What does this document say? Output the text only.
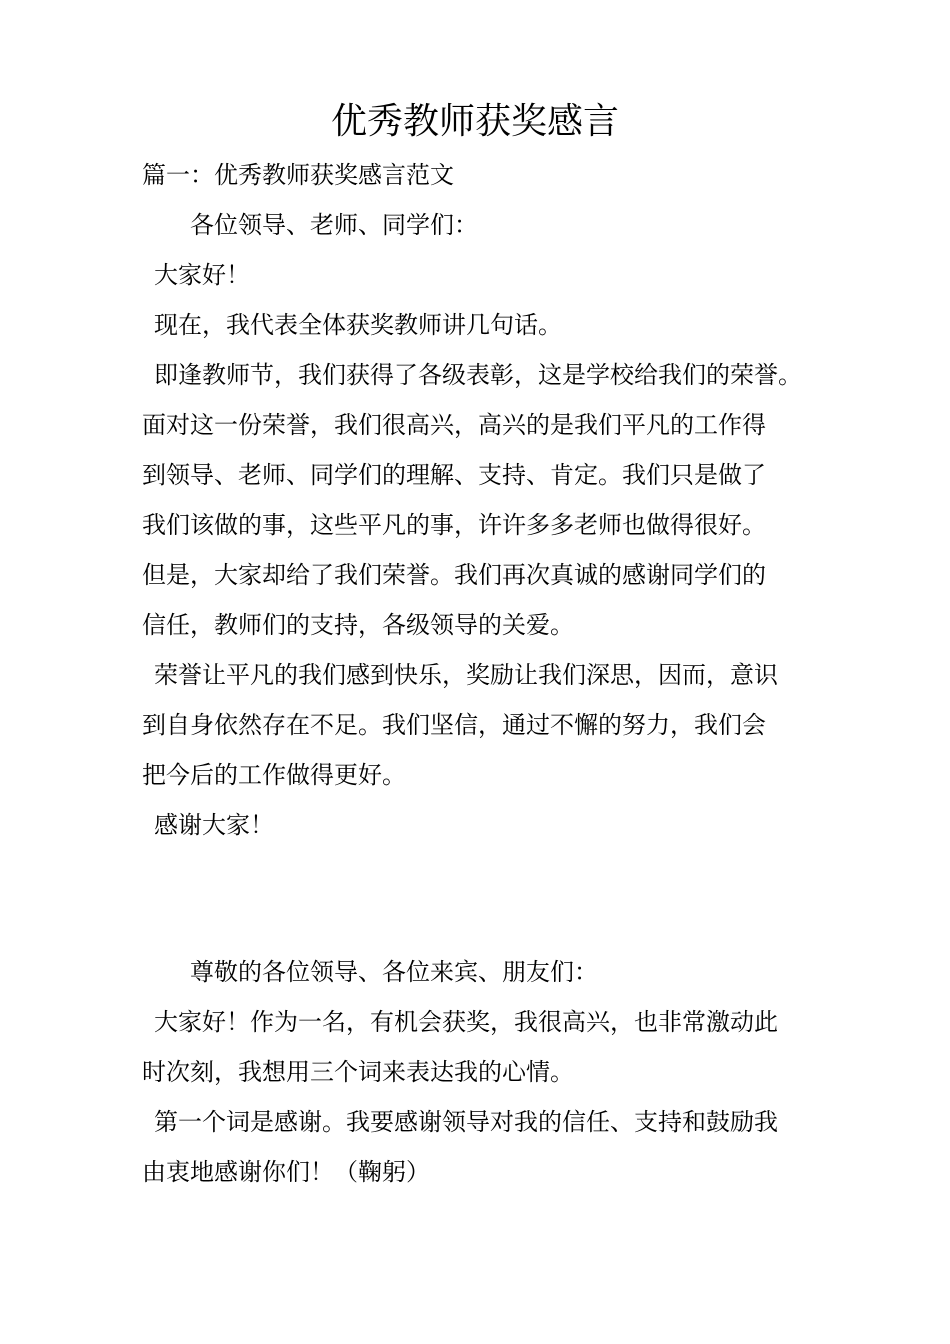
优秀教师获奖感言
篇一：优秀教师获奖感言范文
各位领导、老师、同学们：
大家好！
现在，我代表全体获奖教师讲几句话。
即逢教师节，我们获得了各级表彰，这是学校给我们的荣誉。
面对这一份荣誉，我们很高兴，高兴的是我们平凡的工作得
到领导、老师、同学们的理解、支持、肯定。我们只是做了
我们该做的事，这些平凡的事，许许多多老师也做得很好。
但是，大家却给了我们荣誉。我们再次真诚的感谢同学们的
信任，教师们的支持，各级领导的关爱。
荣誉让平凡的我们感到快乐，奖励让我们深思，因而，意识
到自身依然存在不足。我们坚信，通过不懈的努力，我们会
把今后的工作做得更好。
感谢大家！
尊敬的各位领导、各位来宾、朋友们：
大家好！作为一名，有机会获奖，我很高兴，也非常激动此
时次刻，我想用三个词来表达我的心情。
第一个词是感谢。我要感谢领导对我的信任、支持和鼓励我
由衷地感谢你们！（鞠躬）
